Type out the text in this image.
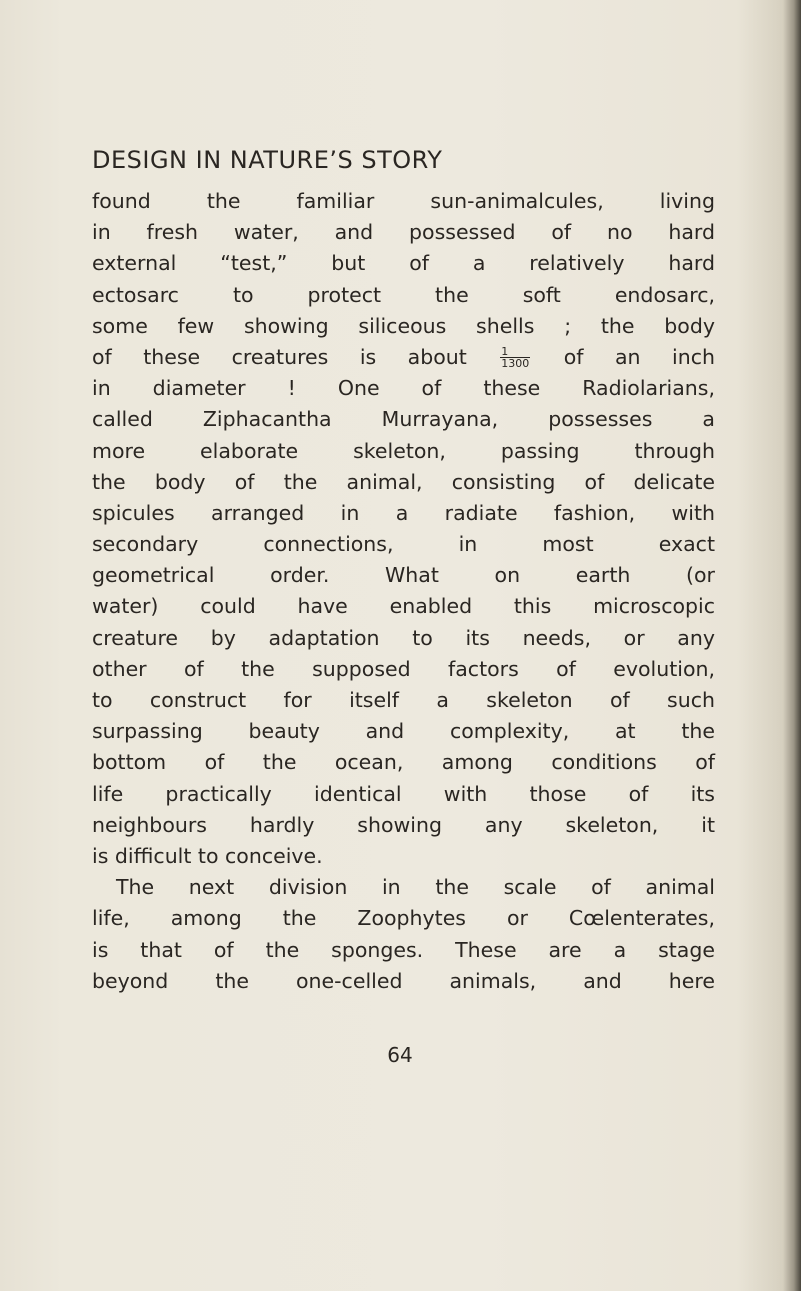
DESIGN IN NATURE’S STORY
found the familiar sun-animalcules, living
in fresh water, and possessed of no hard
external “test,” but of a relatively hard
ectosarc to protect the soft endosarc,
some few showing siliceous shells ; the body
of these creatures is about	$\frac{1}{1300}$ of an inch
in diameter ! One of these Radiolarians,
called Ziphacantha Murrayana, possesses a
more elaborate skeleton, passing through
the body of the animal, consisting of delicate
spicules arranged in a radiate fashion, with
secondary connections, in most exact
geometrical order. What on earth (or
water) could have enabled this microscopic
creature by adaptation to its needs, or any
other of the supposed factors of evolution,
to construct for itself a skeleton of such
surpassing beauty and complexity, at the
bottom of the ocean, among conditions of
life practically identical with those of its
neighbours hardly showing any skeleton, it
is difficult to conceive.
The next division in the scale of animal
life, among the Zoophytes or Cœlenterates,
is that of the sponges. These are a stage
beyond the one-celled animals, and here

64
